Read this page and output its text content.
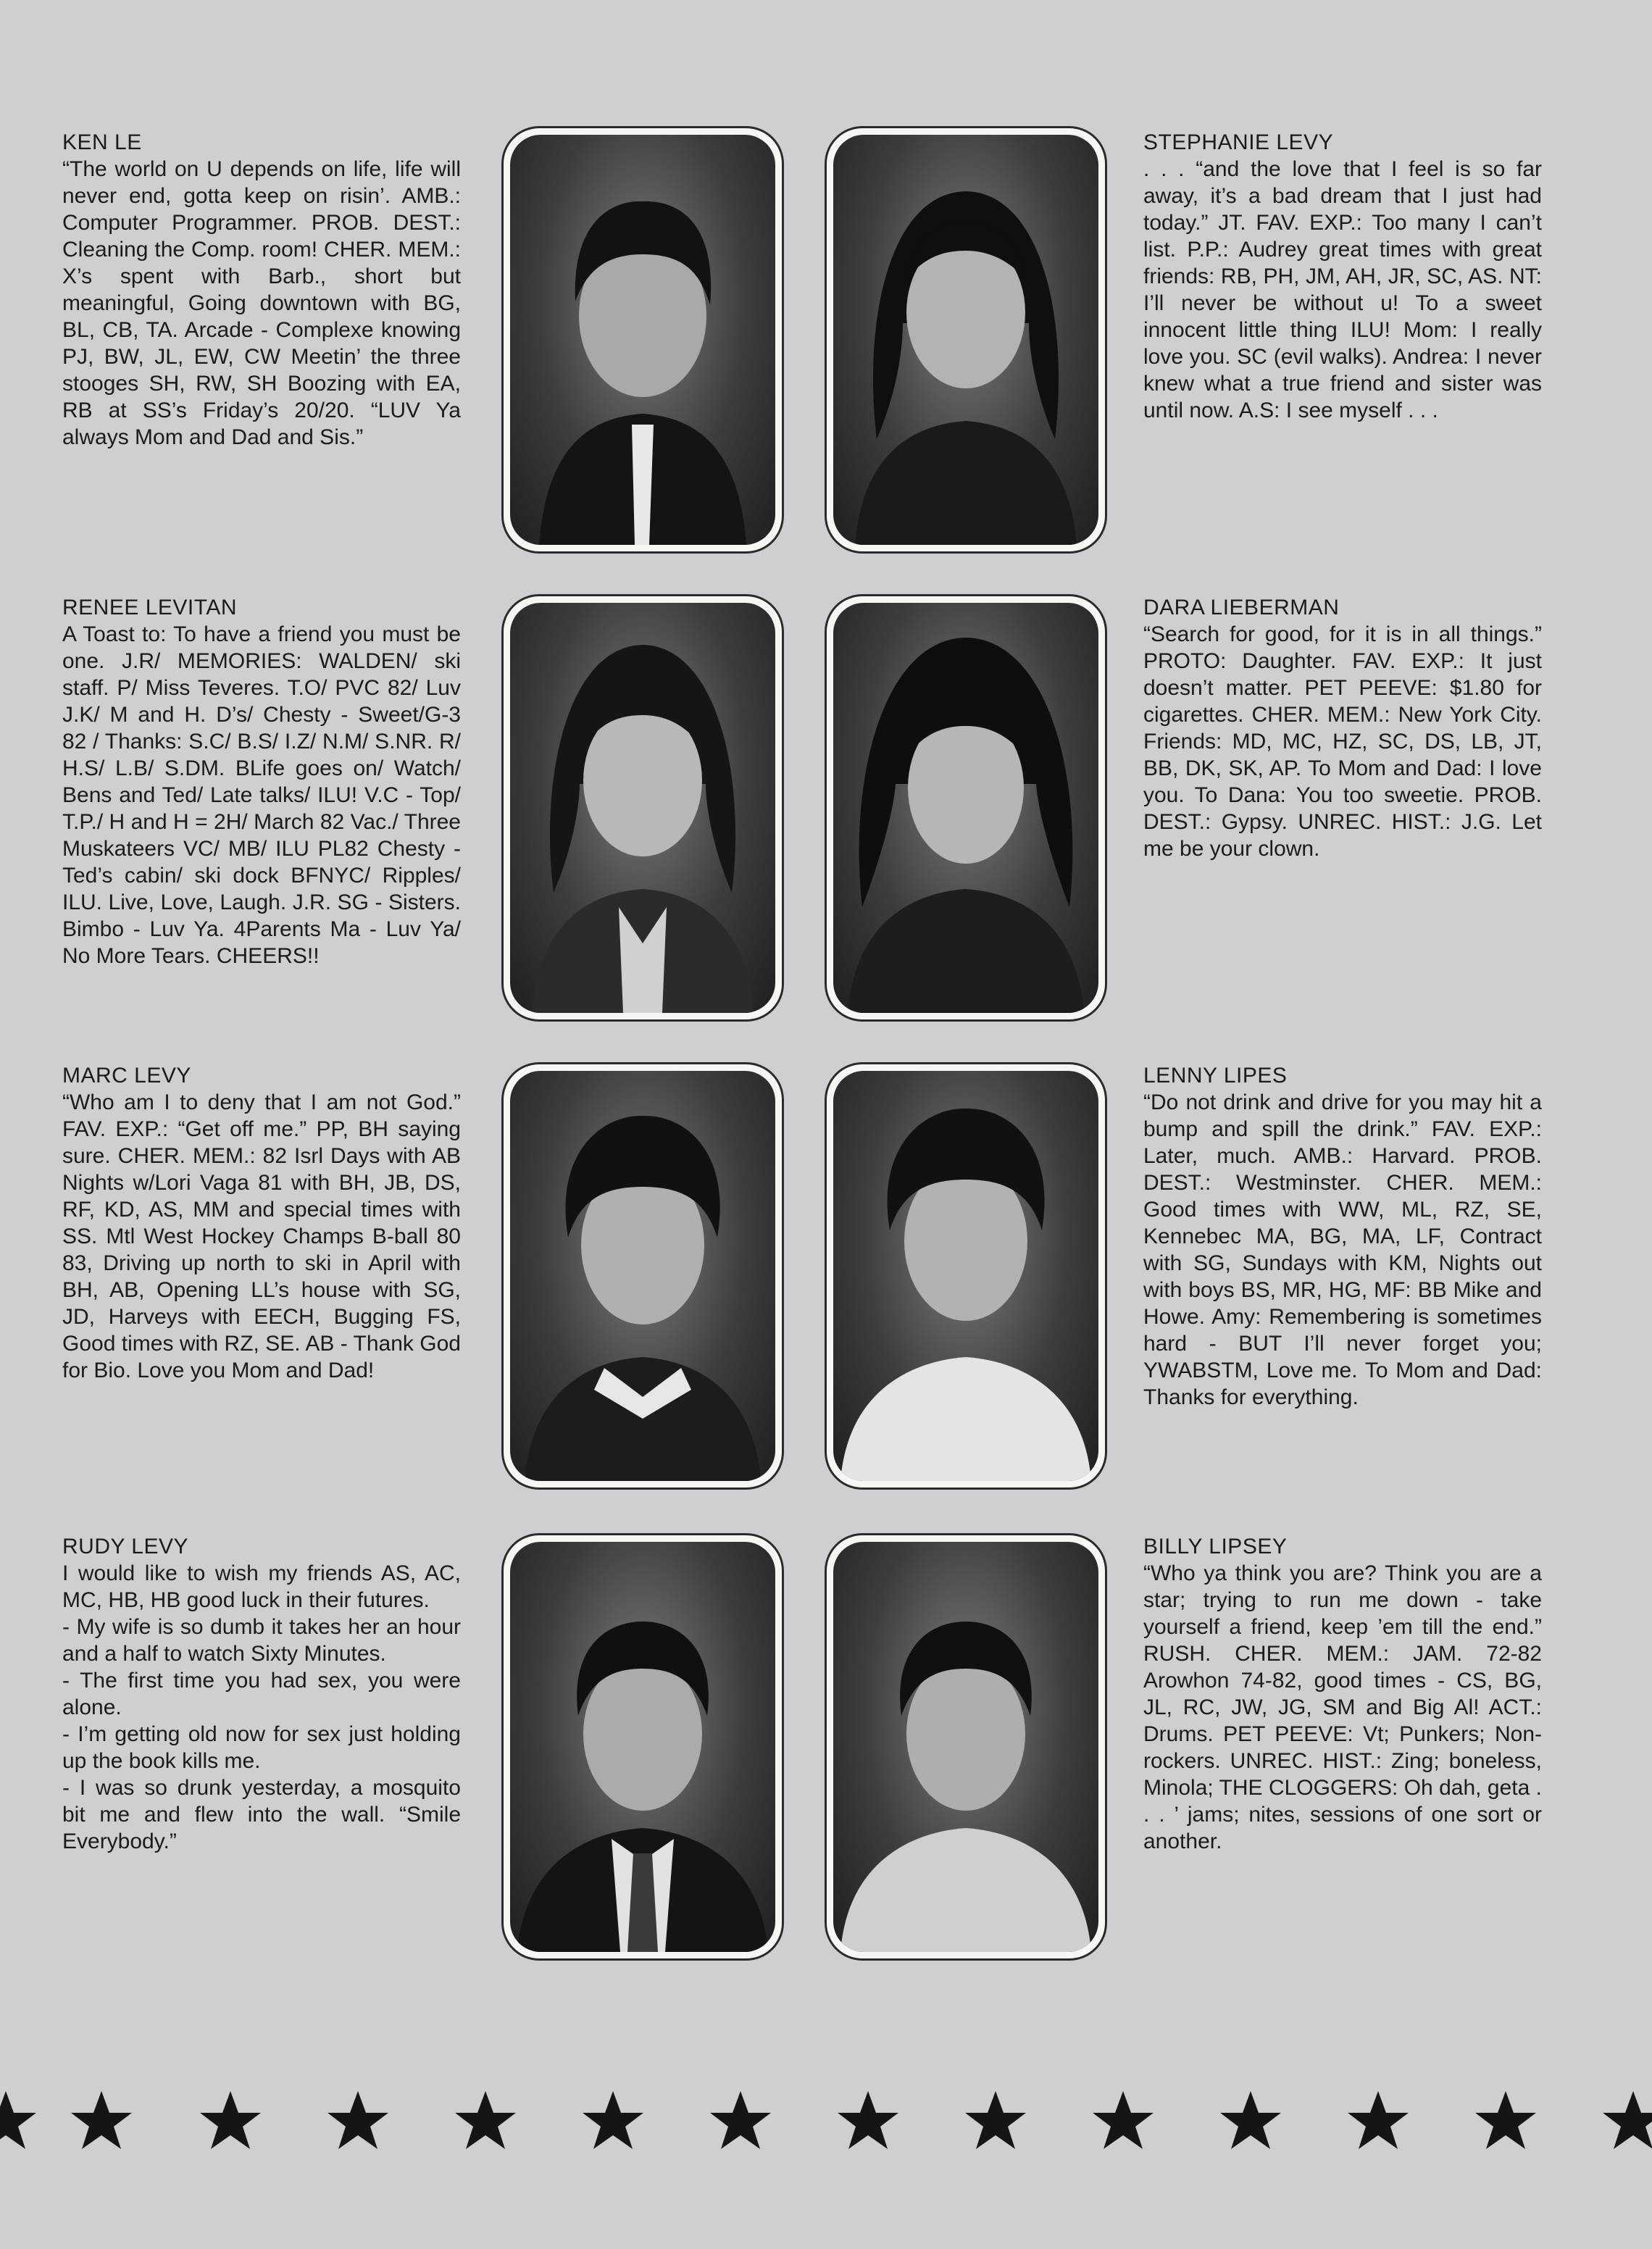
KEN LE

“The world on U depends on life, life will never end, gotta keep on risin’. AMB.: Computer Programmer. PROB. DEST.: Cleaning the Comp. room! CHER. MEM.: X’s spent with Barb., short but meaningful, Going downtown with BG, BL, CB, TA. Arcade - Complexe knowing PJ, BW, JL, EW, CW Meetin’ the three stooges SH, RW, SH Boozing with EA, RB at SS’s Friday’s 20/20. “LUV Ya always Mom and Dad and Sis.”

RENEE LEVITAN

A Toast to: To have a friend you must be one. J.R/ MEMORIES: WALDEN/ ski staff. P/ Miss Teveres. T.O/ PVC 82/ Luv J.K/ M and H. D’s/ Chesty - Sweet/G-3 82 / Thanks: S.C/ B.S/ I.Z/ N.M/ S.NR. R/ H.S/ L.B/ S.DM. BLife goes on/ Watch/ Bens and Ted/ Late talks/ ILU! V.C - Top/ T.P./ H and H = 2H/ March 82 Vac./ Three Muskateers VC/ MB/ ILU PL82 Chesty - Ted’s cabin/ ski dock BFNYC/ Ripples/ ILU. Live, Love, Laugh. J.R. SG - Sisters. Bimbo - Luv Ya. 4Parents Ma - Luv Ya/ No More Tears. CHEERS!!

MARC LEVY

“Who am I to deny that I am not God.” FAV. EXP.: “Get off me.” PP, BH saying sure. CHER. MEM.: 82 Isrl Days with AB Nights w/Lori Vaga 81 with BH, JB, DS, RF, KD, AS, MM and special times with SS. Mtl West Hockey Champs B-ball 80 83, Driving up north to ski in April with BH, AB, Opening LL’s house with SG, JD, Harveys with EECH, Bugging FS, Good times with RZ, SE. AB - Thank God for Bio. Love you Mom and Dad!

RUDY LEVY

I would like to wish my friends AS, AC, MC, HB, HB good luck in their futures.
- My wife is so dumb it takes her an hour and a half to watch Sixty Minutes.
- The first time you had sex, you were alone.
- I’m getting old now for sex just holding up the book kills me.
- I was so drunk yesterday, a mosquito bit me and flew into the wall. “Smile Everybody.”

STEPHANIE LEVY

. . . “and the love that I feel is so far away, it’s a bad dream that I just had today.” JT. FAV. EXP.: Too many I can’t list. P.P.: Audrey great times with great friends: RB, PH, JM, AH, JR, SC, AS. NT: I’ll never be without u! To a sweet innocent little thing ILU! Mom: I really love you. SC (evil walks). Andrea: I never knew what a true friend and sister was until now. A.S: I see myself . . .

DARA LIEBERMAN

“Search for good, for it is in all things.” PROTO: Daughter. FAV. EXP.: It just doesn’t matter. PET PEEVE: $1.80 for cigarettes. CHER. MEM.: New York City. Friends: MD, MC, HZ, SC, DS, LB, JT, BB, DK, SK, AP. To Mom and Dad: I love you. To Dana: You too sweetie. PROB. DEST.: Gypsy. UNREC. HIST.: J.G. Let me be your clown.

LENNY LIPES

“Do not drink and drive for you may hit a bump and spill the drink.” FAV. EXP.: Later, much. AMB.: Harvard. PROB. DEST.: Westminster. CHER. MEM.: Good times with WW, ML, RZ, SE, Kennebec MA, BG, MA, LF, Contract with SG, Sundays with KM, Nights out with boys BS, MR, HG, MF: BB Mike and Howe. Amy: Remembering is sometimes hard - BUT I’ll never forget you; YWABSTM, Love me. To Mom and Dad: Thanks for everything.

BILLY LIPSEY

“Who ya think you are? Think you are a star; trying to run me down - take yourself a friend, keep ’em till the end.” RUSH. CHER. MEM.: JAM. 72-82 Arowhon 74-82, good times - CS, BG, JL, RC, JW, JG, SM and Big Al! ACT.: Drums. PET PEEVE: Vt; Punkers; Non-rockers. UNREC. HIST.: Zing; boneless, Minola; THE CLOGGERS: Oh dah, geta . . . ’ jams; nites, sessions of one sort or another.
